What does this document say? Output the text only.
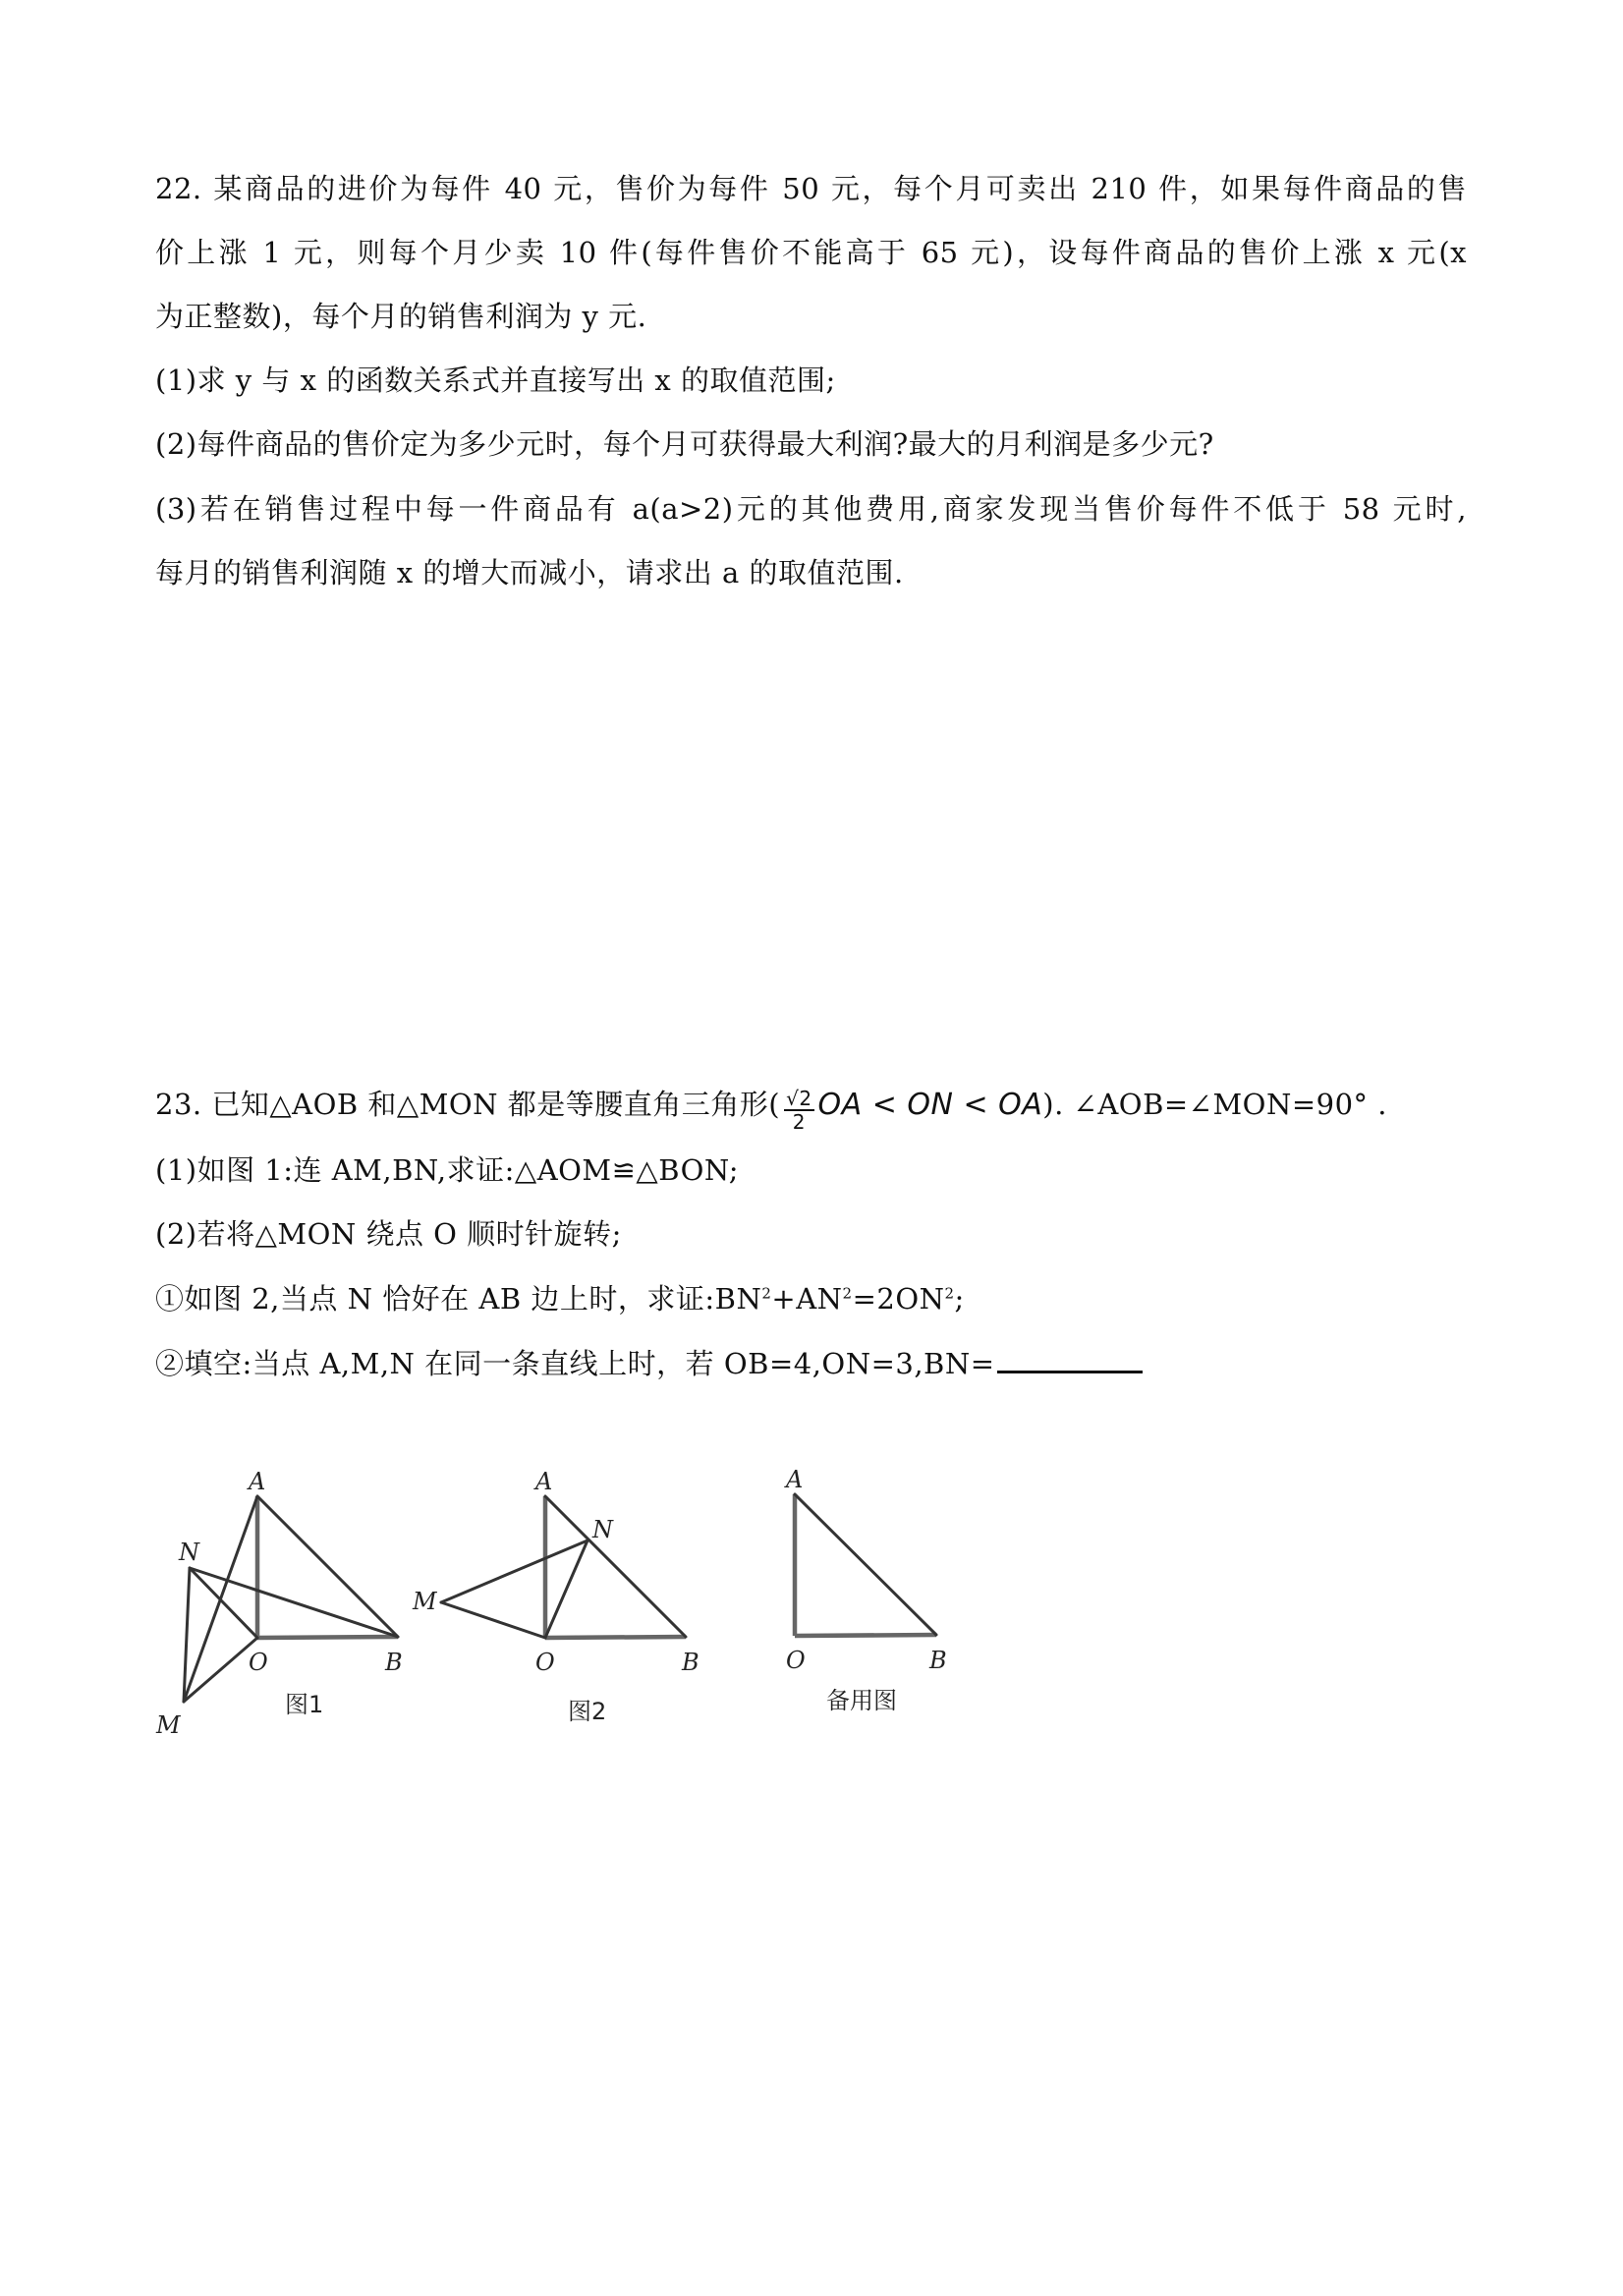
22. 某商品的进价为每件 40 元，售价为每件 50 元，每个月可卖出 210 件，如果每件商品的售
价上涨 1 元，则每个月少卖 10 件(每件售价不能高于 65 元)，设每件商品的售价上涨 x 元(x
为正整数)，每个月的销售利润为 y 元.
(1)求 y 与 x 的函数关系式并直接写出 x 的取值范围;
(2)每件商品的售价定为多少元时，每个月可获得最大利润?最大的月利润是多少元?
(3)若在销售过程中每一件商品有 a(a>2)元的其他费用,商家发现当售价每件不低于 58 元时,
每月的销售利润随 x 的增大而减小，请求出 a 的取值范围.
23. 已知△AOB 和△MON 都是等腰直角三角形( $\frac{√2}{2}$ OA < ON < OA). ∠AOB=∠MON=90° .
(1)如图 1:连 AM,BN,求证:△AOM≌△BON;
(2)若将△MON 绕点 O 顺时针旋转;
①如图 2,当点 N 恰好在 AB 边上时，求证$:BN^2+AN^2=2ON^2$;
②填空:当点 A,M,N 在同一条直线上时，若 OB=4,ON=3,BN=
A
N
M
O	B
图1
A
N
M
O	B
图2
A
O	B
备用图
